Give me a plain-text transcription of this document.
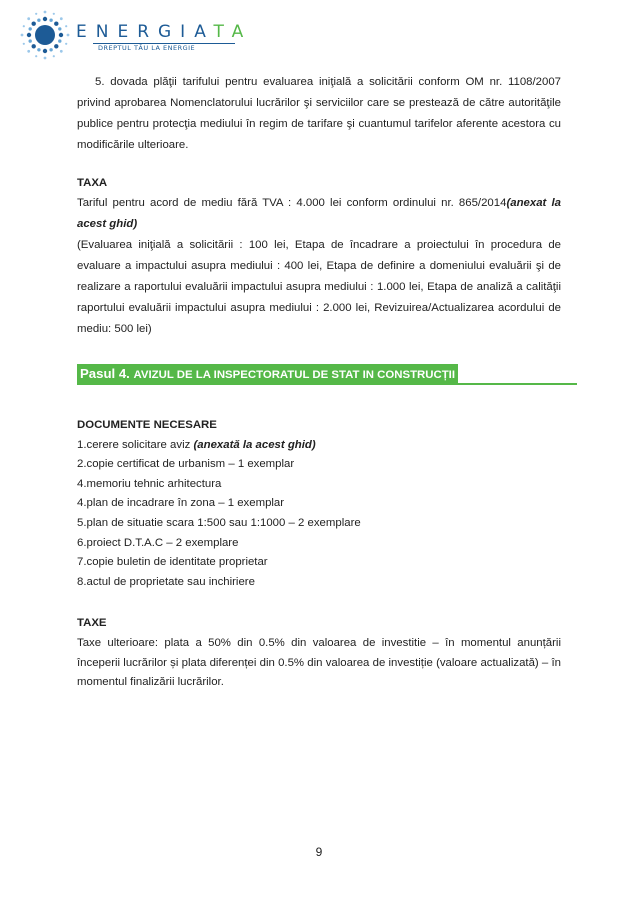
ENERGIATA
DREPTUL TĂU LA ENERGIE

5. dovada plăţii tarifului pentru evaluarea iniţială a solicitării conform OM nr. 1108/2007 privind aprobarea Nomenclatorului lucrărilor şi serviciilor care se prestează de către autorităţile publice pentru protecţia mediului în regim de tarifare şi cuantumul tarifelor aferente acestora cu modificările ulterioare.

TAXA

Tariful pentru acord de mediu fără TVA : 4.000 lei conform ordinului nr. 865/2014(anexat la acest ghid)

(Evaluarea iniţială a solicitării : 100 lei, Etapa de încadrare a proiectului în procedura de evaluare a impactului asupra mediului : 400 lei, Etapa de definire a domeniului evaluării şi de realizare a raportului evaluării impactului asupra mediului : 1.000 lei, Etapa de analiză a calităţii raportului evaluării impactului asupra mediului : 2.000 lei, Revizuirea/Actualizarea acordului de mediu: 500 lei)

Pasul 4. AVIZUL DE LA INSPECTORATUL DE STAT IN CONSTRUCȚII
DOCUMENTE NECESARE
1.cerere solicitare aviz (anexată la acest ghid)
2.copie certificat de urbanism – 1 exemplar
4.memoriu tehnic arhitectura
4.plan de incadrare în zona – 1 exemplar
5.plan de situatie scara 1:500 sau 1:1000 – 2 exemplare
6.proiect D.T.A.C – 2 exemplare
7.copie buletin de identitate proprietar
8.actul de proprietate sau inchiriere
TAXE

Taxe ulterioare: plata a 50% din 0.5% din valoarea de investitie – în momentul anunțării începerii lucrărilor și plata diferenței din 0.5% din valoarea de investiție (valoare actualizată) – în momentul finalizării lucrărilor.

9
